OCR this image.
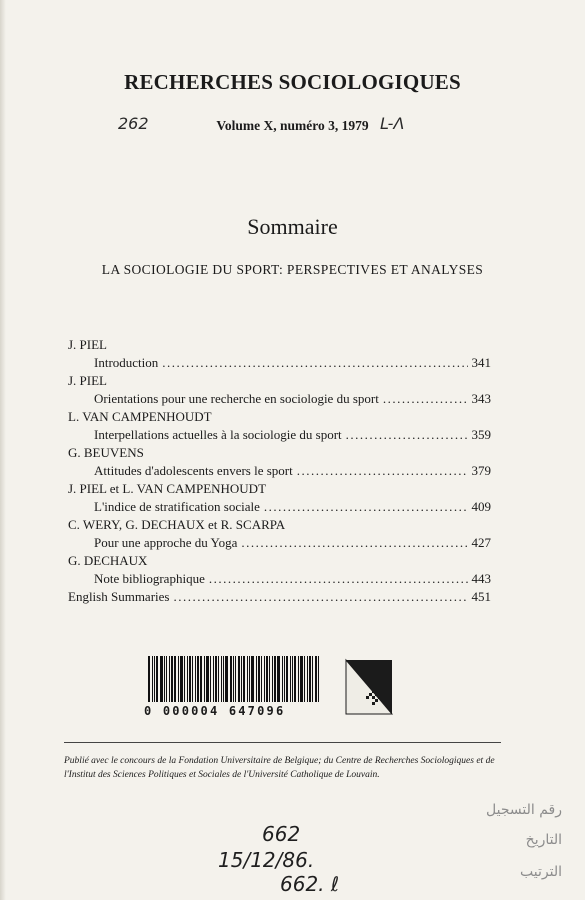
RECHERCHES SOCIOLOGIQUES
262	Volume X, numéro 3, 1979 L-Λ
Sommaire
LA SOCIOLOGIE DU SPORT: PERSPECTIVES ET ANALYSES
J. PIEL
Introduction .....	341
J. PIEL
Orientations pour une recherche en sociologie du sport .....	343
L. VAN CAMPENHOUDT
Interpellations actuelles à la sociologie du sport .....	359
G. BEUVENS
Attitudes d'adolescents envers le sport .....	379
J. PIEL et L. VAN CAMPENHOUDT
L'indice de stratification sociale .....	409
C. WERY, G. DECHAUX et R. SCARPA
Pour une approche du Yoga .....	427
G. DECHAUX
Note bibliographique .....	443
English Summaries .....	451
0 000004 647096
Publié avec le concours de la Fondation Universitaire de Belgique; du Centre de Recherches Sociologiques et de l'Institut des Sciences Politiques et Sociales de l'Université Catholique de Louvain.
رقم التسجيل
التاريخ
الترتيب
662
15/12/86.
662. ℓ
